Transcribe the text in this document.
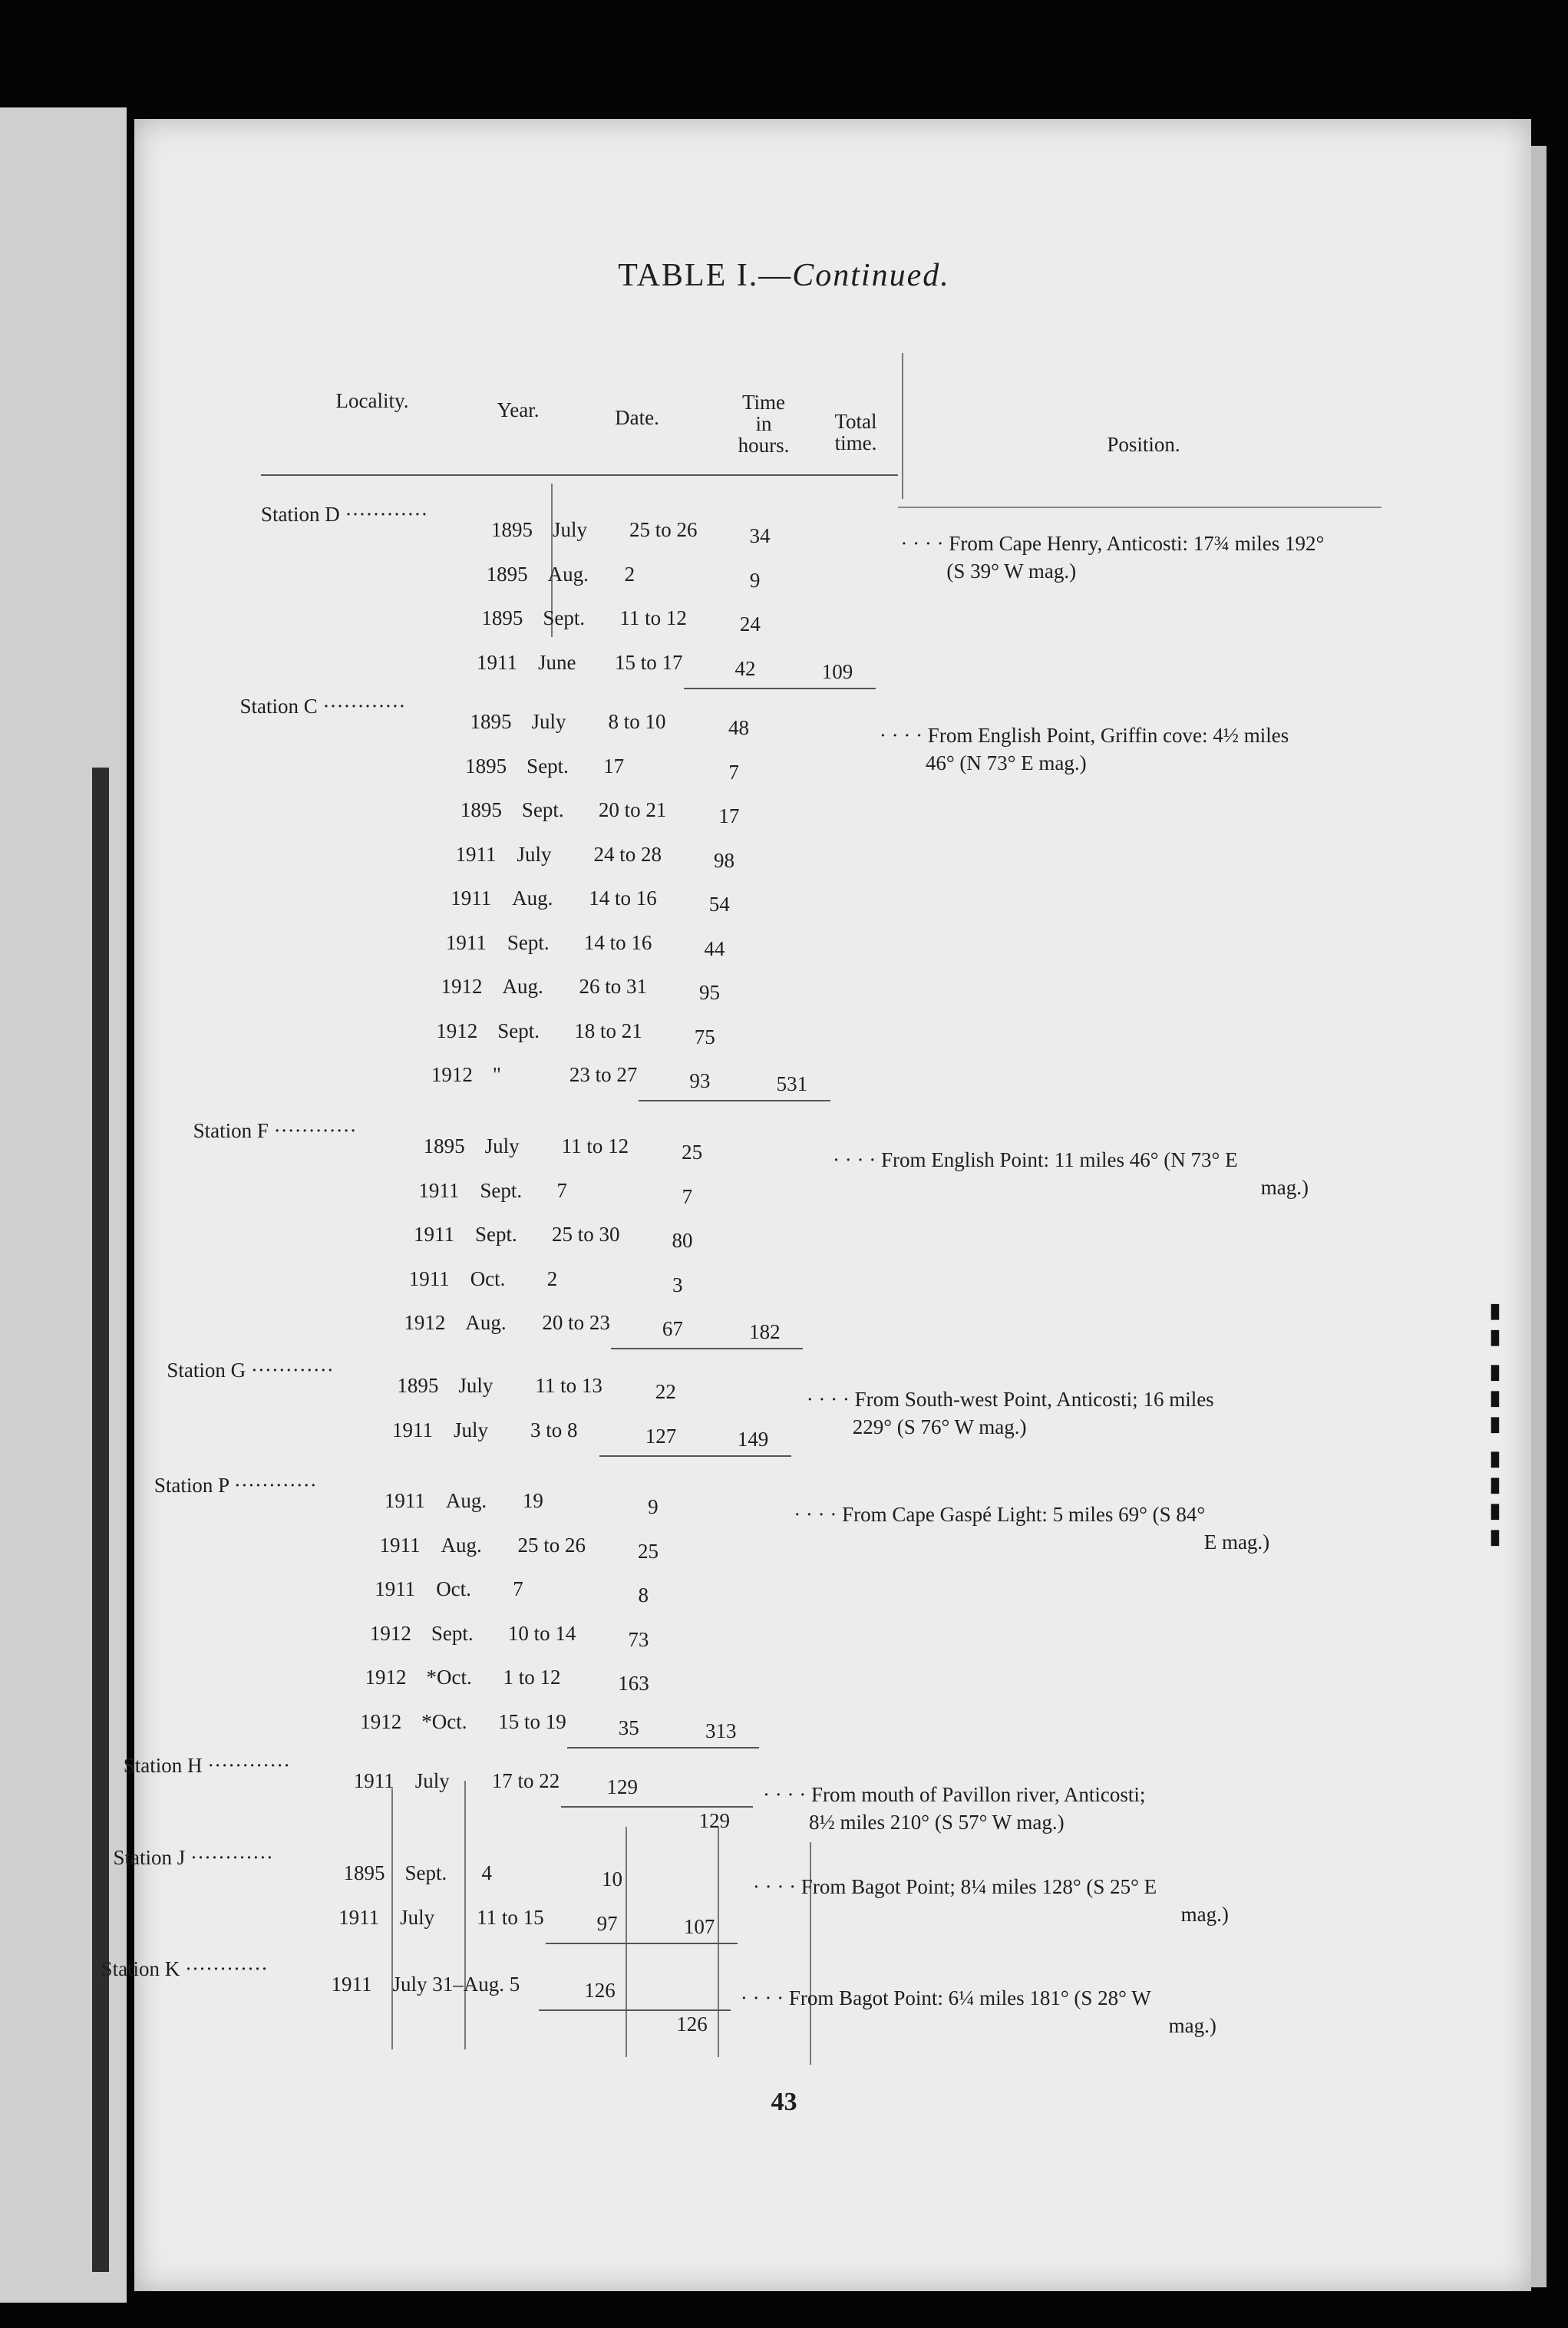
▮▮▮▮ ▮▮▮ ▮▮
TABLE I.—Continued.
Locality.	Year.	Date.
Time
in
hours.
Total
time.	Position.
Station D ············
1895 July 25 to 26	34
1895 Aug. 2	9
1895 Sept. 11 to 12	24
1911 June 15 to 17	42	109
· · · · From Cape Henry, Anticosti: 17¾ miles 192°
(S 39° W mag.)
Station C ············
1895 July 8 to 10	48
1895 Sept. 17	7
1895 Sept. 20 to 21	17
1911 July 24 to 28	98
1911 Aug. 14 to 16	54
1911 Sept. 14 to 16	44
1912 Aug. 26 to 31	95
1912 Sept. 18 to 21	75
1912 "	23 to 27	93	531
· · · · From English Point, Griffin cove: 4½ miles
46° (N 73° E mag.)
Station F ············
1895 July 11 to 12	25
1911 Sept. 7	7
1911 Sept. 25 to 30	80
1911 Oct. 2	3
1912 Aug. 20 to 23	67	182
· · · · From English Point: 11 miles 46° (N 73° E
mag.)
Station G ············
1895 July 11 to 13	22
1911 July 3 to 8	127	149
· · · · From South-west Point, Anticosti; 16 miles
229° (S 76° W mag.)
Station P ············
1911 Aug. 19	9
1911 Aug. 25 to 26	25
1911 Oct. 7	8
1912 Sept. 10 to 14	73
1912 *Oct. 1 to 12	163
1912 *Oct. 15 to 19	35	313
· · · · From Cape Gaspé Light: 5 miles 69° (S 84°
E mag.)
Station H ············
1911 July 17 to 22	129
129
· · · · From mouth of Pavillon river, Anticosti;
8½ miles 210° (S 57° W mag.)
Station J ············
1895 Sept. 4	10
1911 July 11 to 15	97	107
· · · · From Bagot Point; 8¼ miles 128° (S 25° E
mag.)
Station K ············
1911 July 31–Aug. 5	126
126
· · · · From Bagot Point: 6¼ miles 181° (S 28° W
mag.)
43
